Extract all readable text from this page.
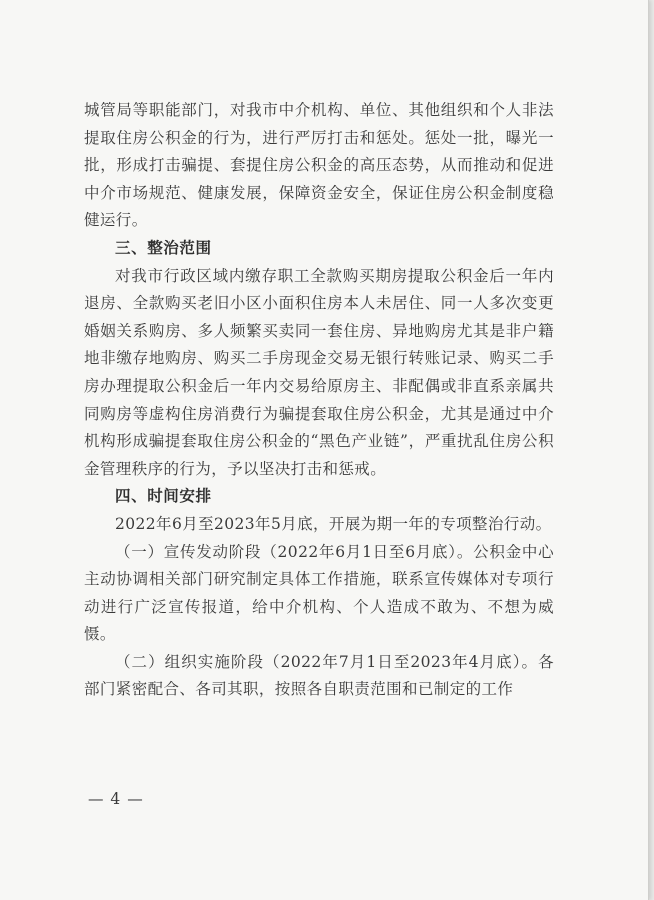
城管局等职能部门，对我市中介机构、单位、其他组织和个人非法提取住房公积金的行为，进行严厉打击和惩处。惩处一批，曝光一批，形成打击骗提、套提住房公积金的高压态势，从而推动和促进中介市场规范、健康发展，保障资金安全，保证住房公积金制度稳健运行。

三、整治范围

对我市行政区域内缴存职工全款购买期房提取公积金后一年内退房、全款购买老旧小区小面积住房本人未居住、同一人多次变更婚姻关系购房、多人频繁买卖同一套住房、异地购房尤其是非户籍地非缴存地购房、购买二手房现金交易无银行转账记录、购买二手房办理提取公积金后一年内交易给原房主、非配偶或非直系亲属共同购房等虚构住房消费行为骗提套取住房公积金，尤其是通过中介机构形成骗提套取住房公积金的“黑色产业链”，严重扰乱住房公积金管理秩序的行为，予以坚决打击和惩戒。

四、时间安排

2022年6月至2023年5月底，开展为期一年的专项整治行动。

（一）宣传发动阶段（2022年6月1日至6月底）。公积金中心主动协调相关部门研究制定具体工作措施，联系宣传媒体对专项行动进行广泛宣传报道，给中介机构、个人造成不敢为、不想为威慑。

（二）组织实施阶段（2022年7月1日至2023年4月底）。各部门紧密配合、各司其职，按照各自职责范围和已制定的工作

— 4 —
